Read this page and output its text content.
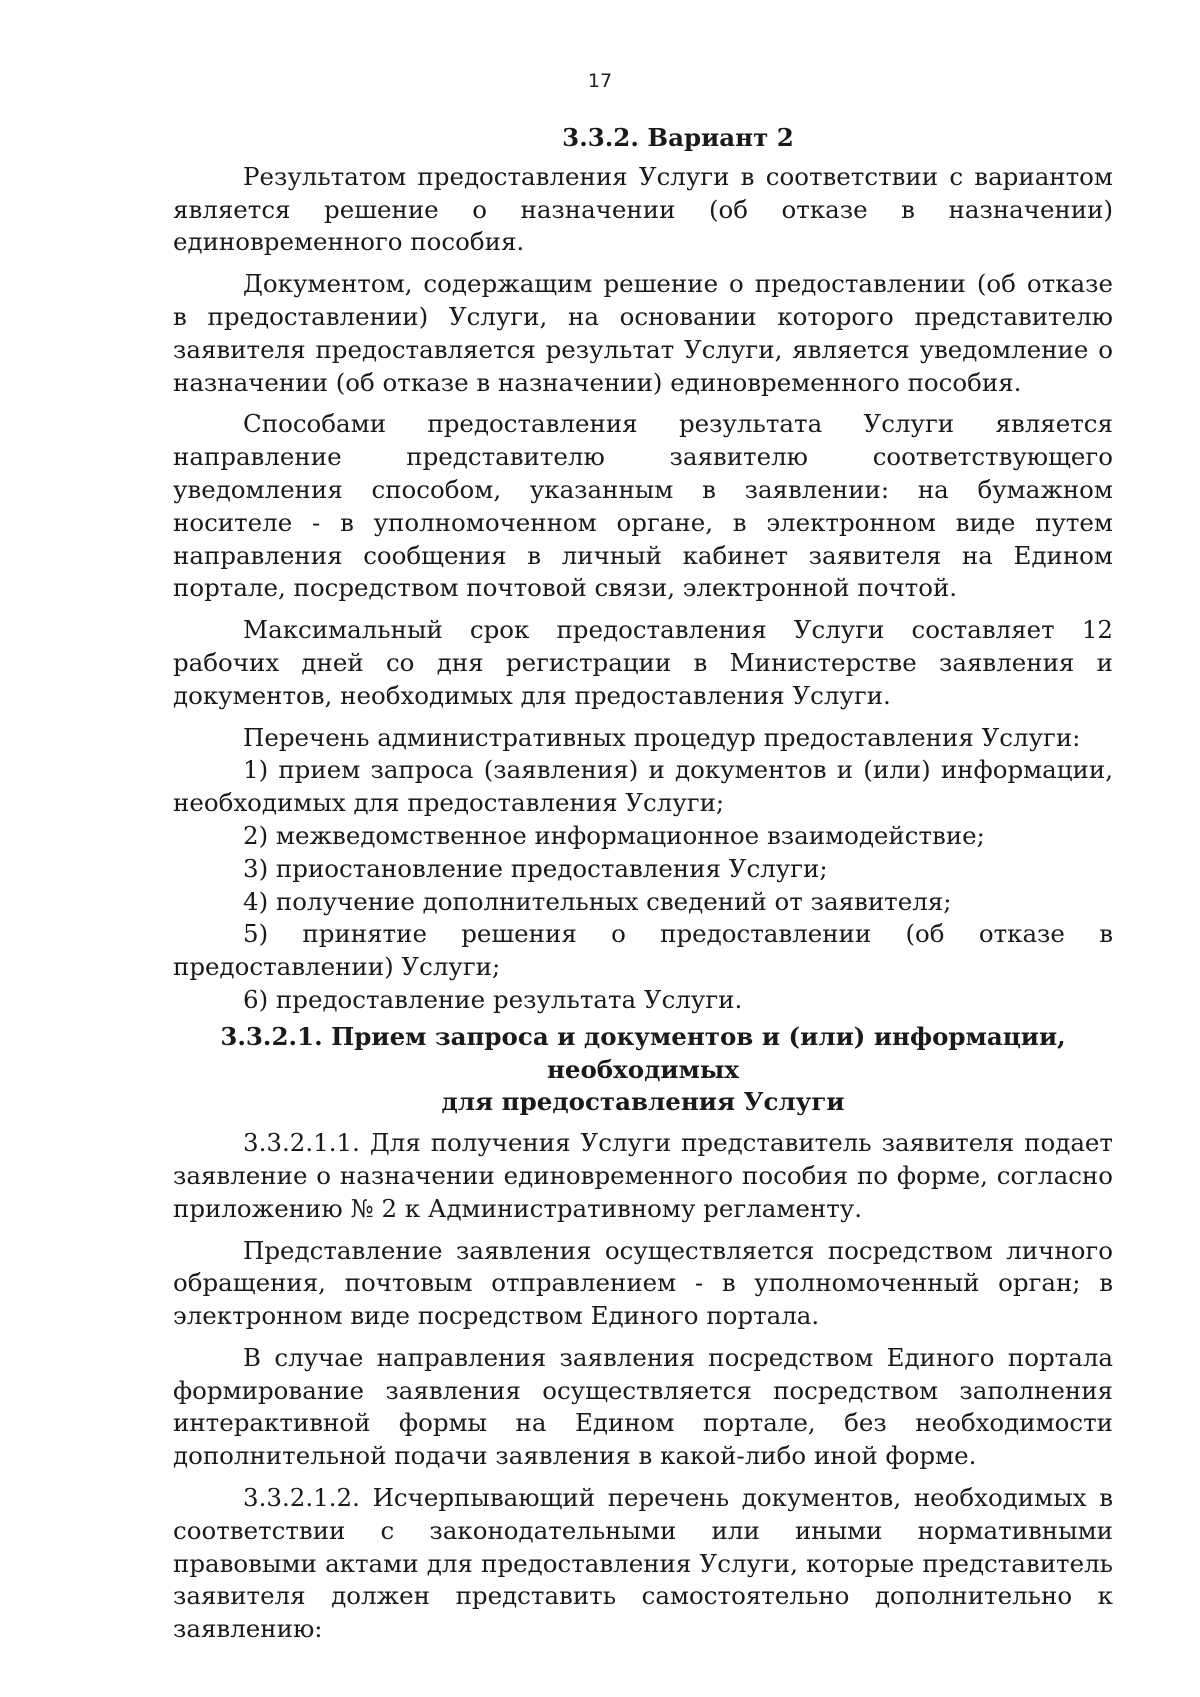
17
3.3.2. Вариант 2

Результатом предоставления Услуги в соответствии с вариантом является решение о назначении (об отказе в назначении) единовременного пособия.

Документом, содержащим решение о предоставлении (об отказе в предоставлении) Услуги, на основании которого представителю заявителя предоставляется результат Услуги, является уведомление о назначении (об отказе в назначении) единовременного пособия.

Способами предоставления результата Услуги является направление представителю заявителю соответствующего уведомления способом, указанным в заявлении: на бумажном носителе - в уполномоченном органе, в электронном виде путем направления сообщения в личный кабинет заявителя на Едином портале, посредством почтовой связи, электронной почтой.

Максимальный срок предоставления Услуги составляет 12 рабочих дней со дня регистрации в Министерстве заявления и документов, необходимых для предоставления Услуги.

Перечень административных процедур предоставления Услуги:

1) прием запроса (заявления) и документов и (или) информации, необходимых для предоставления Услуги;

2) межведомственное информационное взаимодействие;

3) приостановление предоставления Услуги;

4) получение дополнительных сведений от заявителя;

5) принятие решения о предоставлении (об отказе в предоставлении) Услуги;

6) предоставление результата Услуги.

3.3.2.1. Прием запроса и документов и (или) информации, необходимых
для предоставления Услуги

3.3.2.1.1. Для получения Услуги представитель заявителя подает заявление о назначении единовременного пособия по форме, согласно приложению № 2 к Административному регламенту.

Представление заявления осуществляется посредством личного обращения, почтовым отправлением - в уполномоченный орган; в электронном виде посредством Единого портала.

В случае направления заявления посредством Единого портала формирование заявления осуществляется посредством заполнения интерактивной формы на Едином портале, без необходимости дополнительной подачи заявления в какой-либо иной форме.

3.3.2.1.2. Исчерпывающий перечень документов, необходимых в соответствии с законодательными или иными нормативными правовыми актами для предоставления Услуги, которые представитель заявителя должен представить самостоятельно дополнительно к заявлению:
